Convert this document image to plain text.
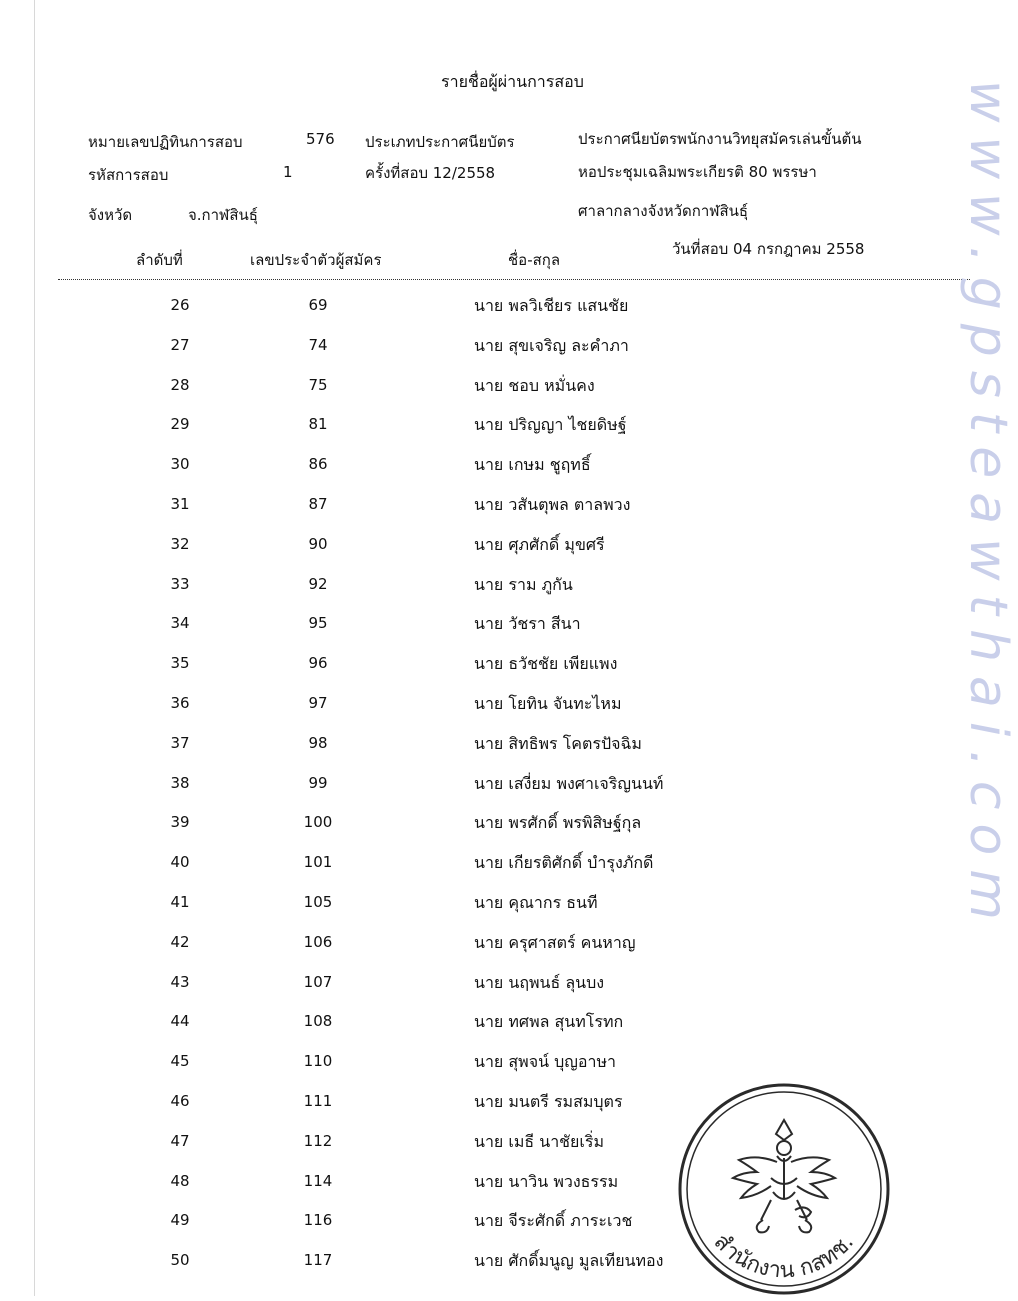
รายชื่อผู้ผ่านการสอบ
หมายเลขปฏิทินการสอบ	576 ประเภทประกาศนียบัตร	ประกาศนียบัตรพนักงานวิทยุสมัครเล่นขั้นต้น
รหัสการสอบ	1	ครั้งที่สอบ 12/2558	หอประชุมเฉลิมพระเกียรติ 80 พรรษา
จังหวัด	จ.กาฬสินธุ์	ศาลากลางจังหวัดกาฬสินธุ์
ลำดับที่	เลขประจำตัวผู้สมัคร	ชื่อ-สกุล
วันที่สอบ 04 กรกฎาคม 2558
26	69	นาย พลวิเชียร แสนชัย
27	74	นาย สุขเจริญ ละคำภา
28	75	นาย ชอบ หมั่นคง
29	81	นาย ปริญญา ไชยดิษฐ์
30	86	นาย เกษม ชูฤทธิ์
31	87	นาย วสันตุพล ตาลพวง
32	90	นาย ศุภศักดิ์ มุขศรี
33	92	นาย ราม ภูกัน
34	95	นาย วัชรา สีนา
35	96	นาย ธวัชชัย เพียแพง
36	97	นาย โยทิน จันทะไหม
37	98	นาย สิทธิพร โคตรปัจฉิม
38	99	นาย เสงี่ยม พงศาเจริญนนท์
39	100	นาย พรศักดิ์ พรพิสิษฐ์กุล
40	101	นาย เกียรติศักดิ์ บำรุงภักดี
41	105	นาย คุณากร ธนที
42	106	นาย ครุศาสตร์ คนหาญ
43	107	นาย นฤพนธ์ ลุนบง
44	108	นาย ทศพล สุนทโรทก
45	110	นาย สุพจน์ บุญอาษา
46	111	นาย มนตรี รมสมบุตร
47	112	นาย เมธี นาชัยเริ่ม
48	114	นาย นาวิน พวงธรรม
49	116	นาย จีระศักดิ์ ภาระเวช
50	117	นาย ศักดิ์มนูญ มูลเทียนทอง
www.gpsteawthai.com
สำนักงาน กสทช.
